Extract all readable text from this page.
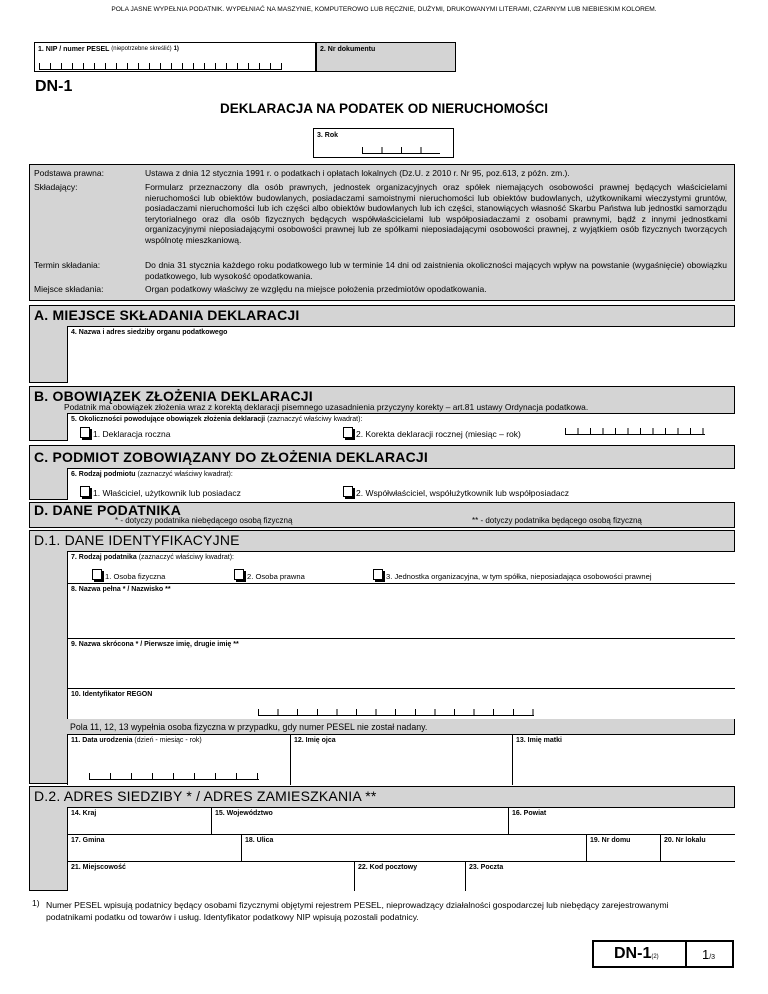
POLA JASNE WYPEŁNIA PODATNIK. WYPEŁNIAĆ NA MASZYNIE, KOMPUTEROWO LUB RĘCZNIE, DUŻYMI, DRUKOWANYMI LITERAMI, CZARNYM LUB NIEBIESKIM KOLOREM.
1. NIP / numer PESEL (niepotrzebne skreślić) 1)	2. Nr dokumentu
DN-1
DEKLARACJA NA PODATEK OD NIERUCHOMOŚCI
3. Rok
Podstawa prawna:	Ustawa z dnia 12 stycznia 1991 r. o podatkach i opłatach lokalnych (Dz.U. z 2010 r. Nr 95, poz.613, z późn. zm.).
Składający:	Formularz przeznaczony dla osób prawnych, jednostek organizacyjnych oraz spółek niemających osobowości prawnej będących właścicielami nieruchomości lub obiektów budowlanych, posiadaczami samoistnymi nieruchomości lub obiektów budowlanych, użytkownikami wieczystymi gruntów, posiadaczami nieruchomości lub ich części albo obiektów budowlanych lub ich części, stanowiących własność Skarbu Państwa lub jednostki samorządu terytorialnego oraz dla osób fizycznych będących współwłaścicielami lub współposiadaczami z osobami prawnymi, bądź z innymi jednostkami organizacyjnymi nieposiadającymi osobowości prawnej lub ze spółkami nieposiadającymi osobowości prawnej, z wyjątkiem osób fizycznych tworzących wspólnotę mieszkaniową.
Termin składania:	Do dnia 31 stycznia każdego roku podatkowego lub w terminie 14 dni od zaistnienia okoliczności mających wpływ na powstanie (wygaśnięcie) obowiązku podatkowego, lub wysokość opodatkowania.
Miejsce składania:	Organ podatkowy właściwy ze względu na miejsce położenia przedmiotów opodatkowania.
A. MIEJSCE SKŁADANIA DEKLARACJI
4. Nazwa i adres siedziby organu podatkowego
B. OBOWIĄZEK ZŁOŻENIA DEKLARACJI
Podatnik ma obowiązek złożenia wraz z korektą deklaracji pisemnego uzasadnienia przyczyny korekty – art.81 ustawy Ordynacja podatkowa.
5. Okoliczności powodujące obowiązek złożenia deklaracji (zaznaczyć właściwy kwadrat):
1. Deklaracja roczna	2. Korekta deklaracji rocznej (miesiąc – rok)
C. PODMIOT ZOBOWIĄZANY DO ZŁOŻENIA DEKLARACJI
6. Rodzaj podmiotu (zaznaczyć właściwy kwadrat):
1. Właściciel, użytkownik lub posiadacz	2. Współwłaściciel, współużytkownik lub współposiadacz
D. DANE PODATNIKA
* - dotyczy podatnika niebędącego osobą fizyczną	** - dotyczy podatnika będącego osobą fizyczną
D.1. DANE IDENTYFIKACYJNE
7. Rodzaj podatnika (zaznaczyć właściwy kwadrat):
1. Osoba fizyczna	2. Osoba prawna	3. Jednostka organizacyjna, w tym spółka, nieposiadająca osobowości prawnej
8. Nazwa pełna * / Nazwisko **
9. Nazwa skrócona * / Pierwsze imię, drugie imię **
10. Identyfikator REGON
Pola 11, 12, 13 wypełnia osoba fizyczna w przypadku, gdy numer PESEL nie został nadany.
11. Data urodzenia (dzień - miesiąc - rok)	12. Imię ojca	13. Imię matki
D.2. ADRES SIEDZIBY * / ADRES ZAMIESZKANIA **
14. Kraj	15. Województwo	16. Powiat
17. Gmina	18. Ulica	19. Nr domu	20. Nr lokalu
21. Miejscowość	22. Kod pocztowy	23. Poczta
1) Numer PESEL wpisują podatnicy będący osobami fizycznymi objętymi rejestrem PESEL, nieprowadzący działalności gospodarczej lub niebędący zarejestrowanymi podatnikami podatku od towarów i usług. Identyfikator podatkowy NIP wpisują pozostali podatnicy.
DN-1(2)	1/3
